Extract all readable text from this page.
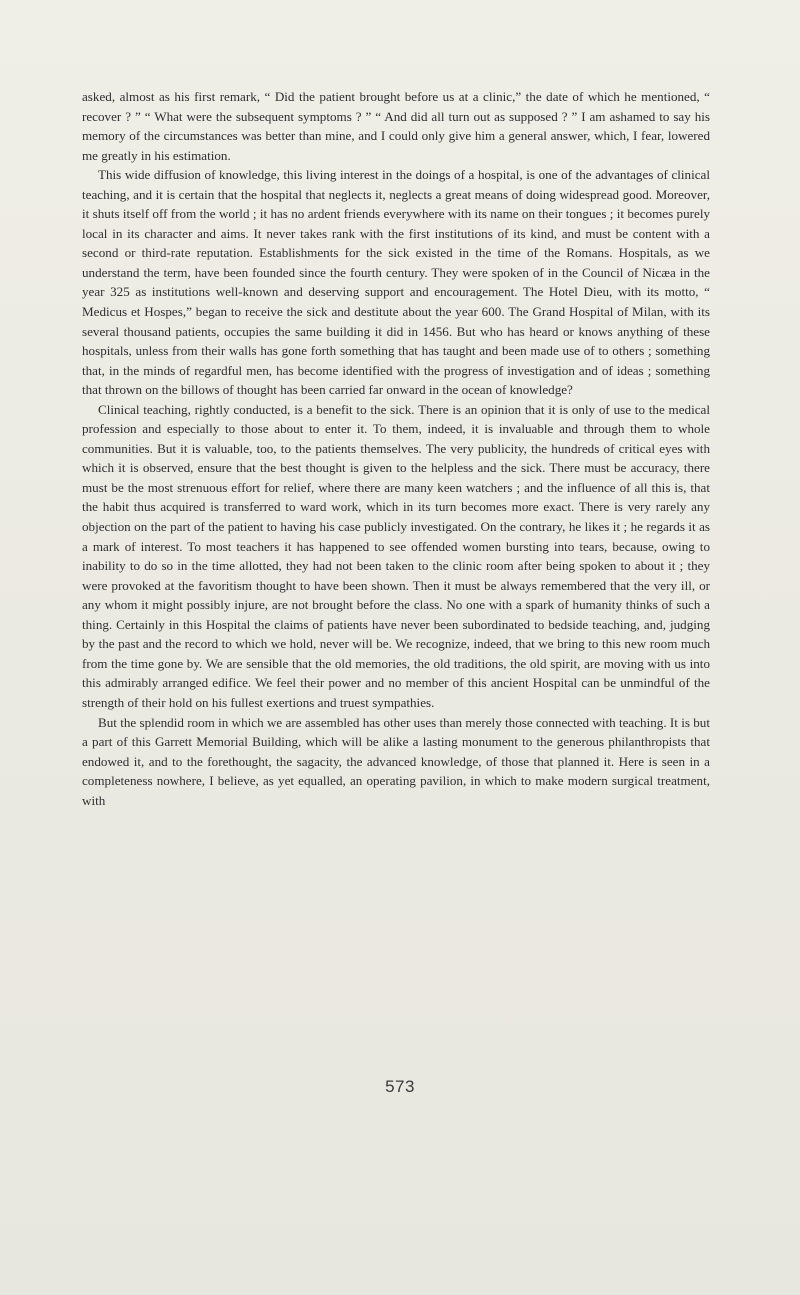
asked, almost as his first remark, “ Did the patient brought before us at a clinic,” the date of which he mentioned, “ recover ? ” “ What were the subsequent symptoms ? ” “ And did all turn out as supposed ? ” I am ashamed to say his memory of the circumstances was better than mine, and I could only give him a general answer, which, I fear, lowered me greatly in his estimation.

This wide diffusion of knowledge, this living interest in the doings of a hospital, is one of the advantages of clinical teaching, and it is certain that the hospital that neglects it, neglects a great means of doing widespread good. Moreover, it shuts itself off from the world ; it has no ardent friends everywhere with its name on their tongues ; it becomes purely local in its character and aims. It never takes rank with the first institutions of its kind, and must be content with a second or third-rate reputation. Establishments for the sick existed in the time of the Romans. Hospitals, as we understand the term, have been founded since the fourth century. They were spoken of in the Council of Nicæa in the year 325 as institutions well-known and deserving support and encouragement. The Hotel Dieu, with its motto, “ Medicus et Hospes,” began to receive the sick and destitute about the year 600. The Grand Hospital of Milan, with its several thousand patients, occupies the same building it did in 1456. But who has heard or knows anything of these hospitals, unless from their walls has gone forth something that has taught and been made use of to others ; something that, in the minds of regardful men, has become identified with the progress of investigation and of ideas ; something that thrown on the billows of thought has been carried far onward in the ocean of knowledge?

Clinical teaching, rightly conducted, is a benefit to the sick. There is an opinion that it is only of use to the medical profession and especially to those about to enter it. To them, indeed, it is invaluable and through them to whole communities. But it is valuable, too, to the patients themselves. The very publicity, the hundreds of critical eyes with which it is observed, ensure that the best thought is given to the helpless and the sick. There must be accuracy, there must be the most strenuous effort for relief, where there are many keen watchers ; and the influence of all this is, that the habit thus acquired is transferred to ward work, which in its turn becomes more exact. There is very rarely any objection on the part of the patient to having his case publicly investigated. On the contrary, he likes it ; he regards it as a mark of interest. To most teachers it has happened to see offended women bursting into tears, because, owing to inability to do so in the time allotted, they had not been taken to the clinic room after being spoken to about it ; they were provoked at the favoritism thought to have been shown. Then it must be always remembered that the very ill, or any whom it might possibly injure, are not brought before the class. No one with a spark of humanity thinks of such a thing. Certainly in this Hospital the claims of patients have never been subordinated to bedside teaching, and, judging by the past and the record to which we hold, never will be. We recognize, indeed, that we bring to this new room much from the time gone by. We are sensible that the old memories, the old traditions, the old spirit, are moving with us into this admirably arranged edifice. We feel their power and no member of this ancient Hospital can be unmindful of the strength of their hold on his fullest exertions and truest sympathies.

But the splendid room in which we are assembled has other uses than merely those connected with teaching. It is but a part of this Garrett Memorial Building, which will be alike a lasting monument to the generous philanthropists that endowed it, and to the forethought, the sagacity, the advanced knowledge, of those that planned it. Here is seen in a completeness nowhere, I believe, as yet equalled, an operating pavilion, in which to make modern surgical treatment, with

573
